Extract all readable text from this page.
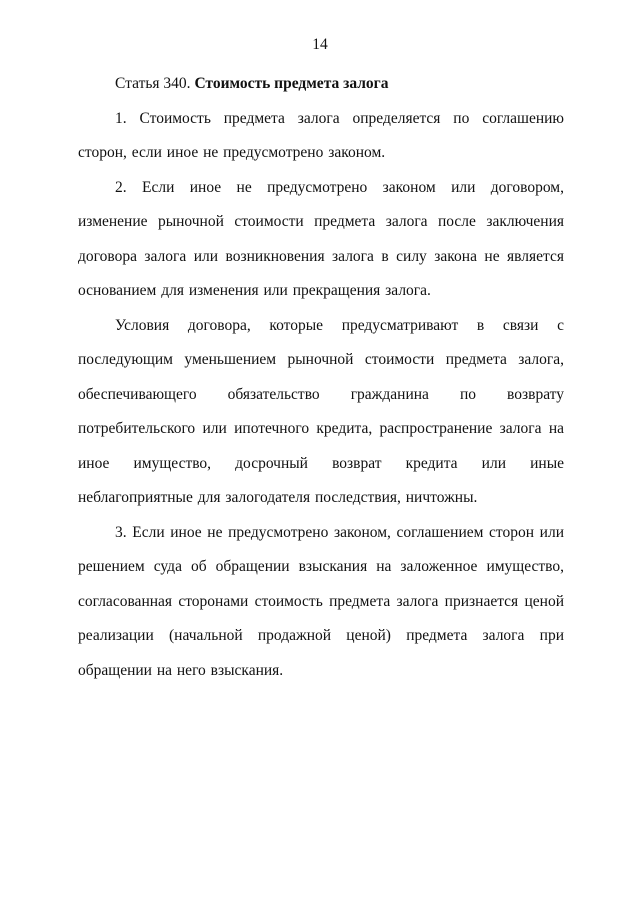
14

Статья 340. Стоимость предмета залога

1. Стоимость предмета залога определяется по соглашению сторон, если иное не предусмотрено законом.

2. Если иное не предусмотрено законом или договором, изменение рыночной стоимости предмета залога после заключения договора залога или возникновения залога в силу закона не является основанием для изменения или прекращения залога.

Условия договора, которые предусматривают в связи с последующим уменьшением рыночной стоимости предмета залога, обеспечивающего обязательство гражданина по возврату потребительского или ипотечного кредита, распространение залога на иное имущество, досрочный возврат кредита или иные неблагоприятные для залогодателя последствия, ничтожны.

3. Если иное не предусмотрено законом, соглашением сторон или решением суда об обращении взыскания на заложенное имущество, согласованная сторонами стоимость предмета залога признается ценой реализации (начальной продажной ценой) предмета залога при обращении на него взыскания.
